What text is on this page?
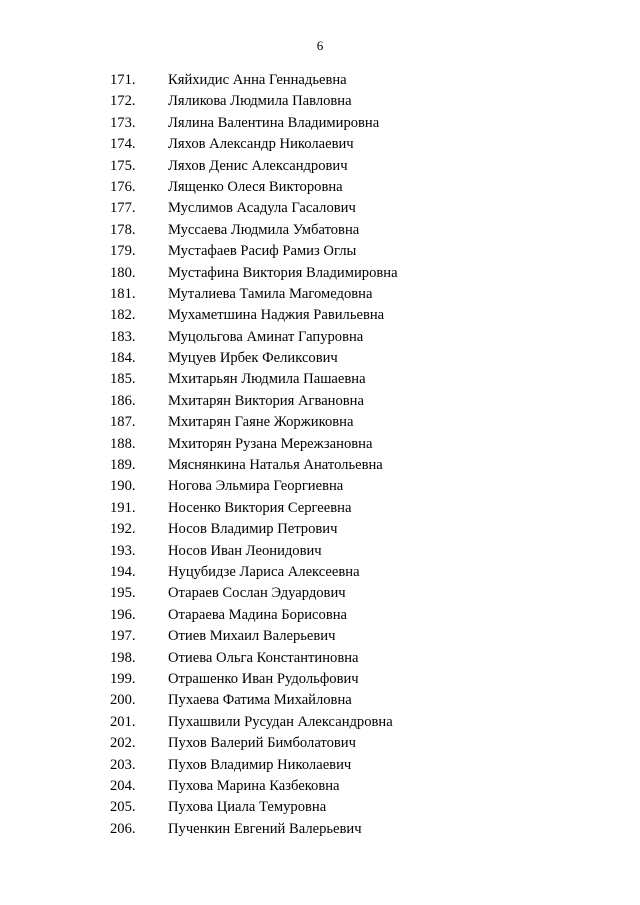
6
171.	Кяйхидис Анна Геннадьевна
172.	Ляликова Людмила Павловна
173.	Лялина Валентина Владимировна
174.	Ляхов Александр Николаевич
175.	Ляхов Денис Александрович
176.	Лященко Олеся Викторовна
177.	Муслимов Асадула Гасалович
178.	Муссаева Людмила Умбатовна
179.	Мустафаев Расиф Рамиз Оглы
180.	Мустафина Виктория Владимировна
181.	Муталиева Тамила Магомедовна
182.	Мухаметшина Наджия Равильевна
183.	Муцольгова Аминат Гапуровна
184.	Муцуев Ирбек Феликсович
185.	Мхитарьян Людмила Пашаевна
186.	Мхитарян Виктория Агвановна
187.	Мхитарян Гаяне Жоржиковна
188.	Мхиторян Рузана Мережзановна
189.	Мяснянкина Наталья Анатольевна
190.	Ногова Эльмира Георгиевна
191.	Носенко Виктория Сергеевна
192.	Носов Владимир Петрович
193.	Носов Иван Леонидович
194.	Нуцубидзе Лариса Алексеевна
195.	Отараев Сослан Эдуардович
196.	Отараева Мадина Борисовна
197.	Отиев Михаил Валерьевич
198.	Отиева Ольга Константиновна
199.	Отрашенко Иван Рудольфович
200.	Пухаева Фатима Михайловна
201.	Пухашвили Русудан Александровна
202.	Пухов Валерий Бимболатович
203.	Пухов Владимир Николаевич
204.	Пухова Марина Казбековна
205.	Пухова Циала Темуровна
206.	Пученкин Евгений Валерьевич
